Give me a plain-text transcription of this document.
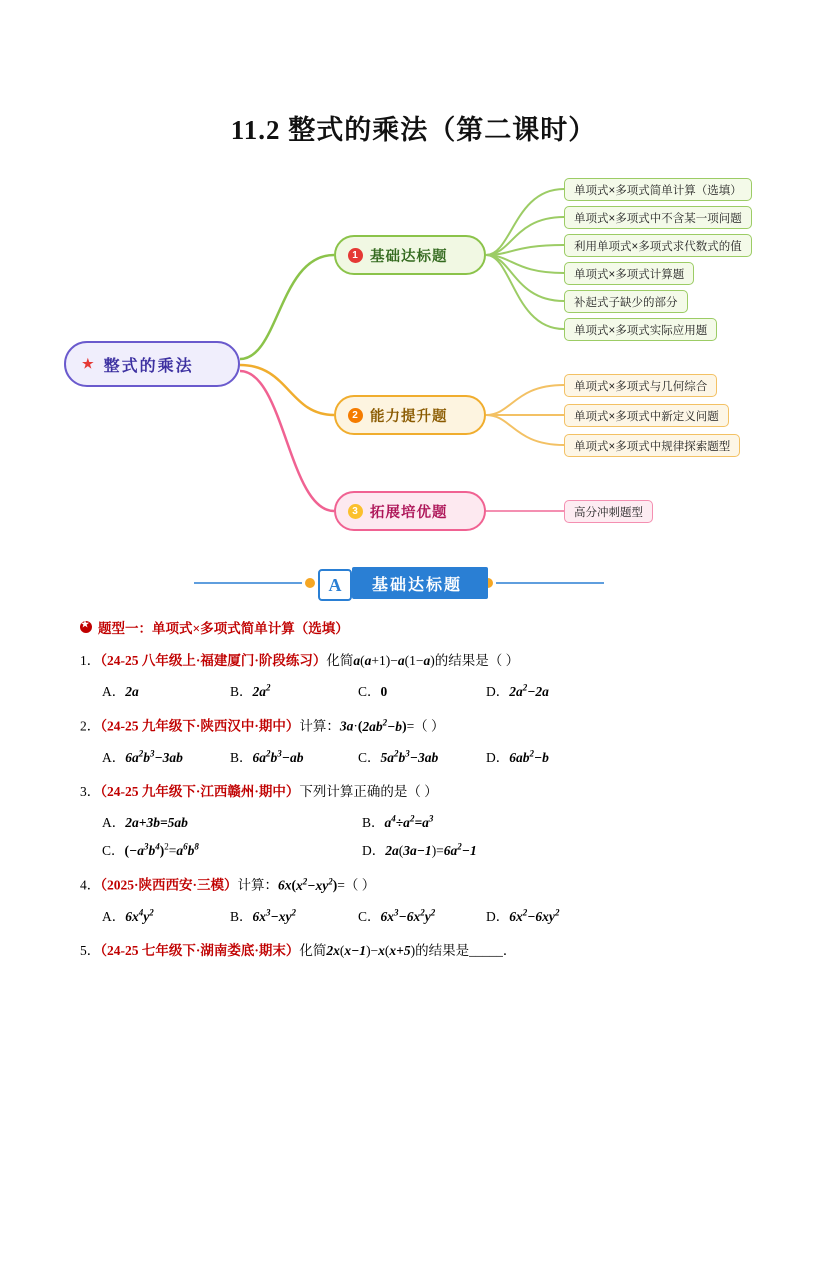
11.2 整式的乘法（第二课时）
★ 整式的乘法
1 基础达标题
2 能力提升题
3 拓展培优题
单项式×多项式简单计算（选填）
单项式×多项式中不含某一项问题
利用单项式×多项式求代数式的值
单项式×多项式计算题
补起式子缺少的部分
单项式×多项式实际应用题
单项式×多项式与几何综合
单项式×多项式中新定义问题
单项式×多项式中规律探索题型
高分冲刺题型
A	基础达标题
★
题型一：单项式×多项式简单计算（选填）

1．（24-25 八年级上·福建厦门·阶段练习）化简a(a+1)−a(1−a)的结果是（ ）

A．2a	B．$2a^2$	C．0	D．$2a^2-2a$

2．（24-25 九年级下·陕西汉中·期中）计算：$3a\cdot(2ab^2-b)=$（ ）

A．$6a^2b^3-3ab$	B．$6a^2b^3-ab$	C．$5a^2b^3-3ab$	D．$6ab^2-b$

3．（24-25 九年级下·江西赣州·期中）下列计算正确的是（ ）

A．2a+3b=5ab	B．$a^4\div a^2=a^3$
C．$(-a^3b^4)^2=a^6b^8$	D．$2a(3a-1)=6a^2-1$

4．（2025·陕西西安·三模）计算：$6x(x^2-xy^2)=$（ ）

A．$6x^4y^2$	B．$6x^3-xy^2$	C．$6x^3-6x^2y^2$	D．$6x^2-6xy^2$

5．（24-25 七年级下·湖南娄底·期末）化简2x(x−1)−x(x+5)的结果是_____．
